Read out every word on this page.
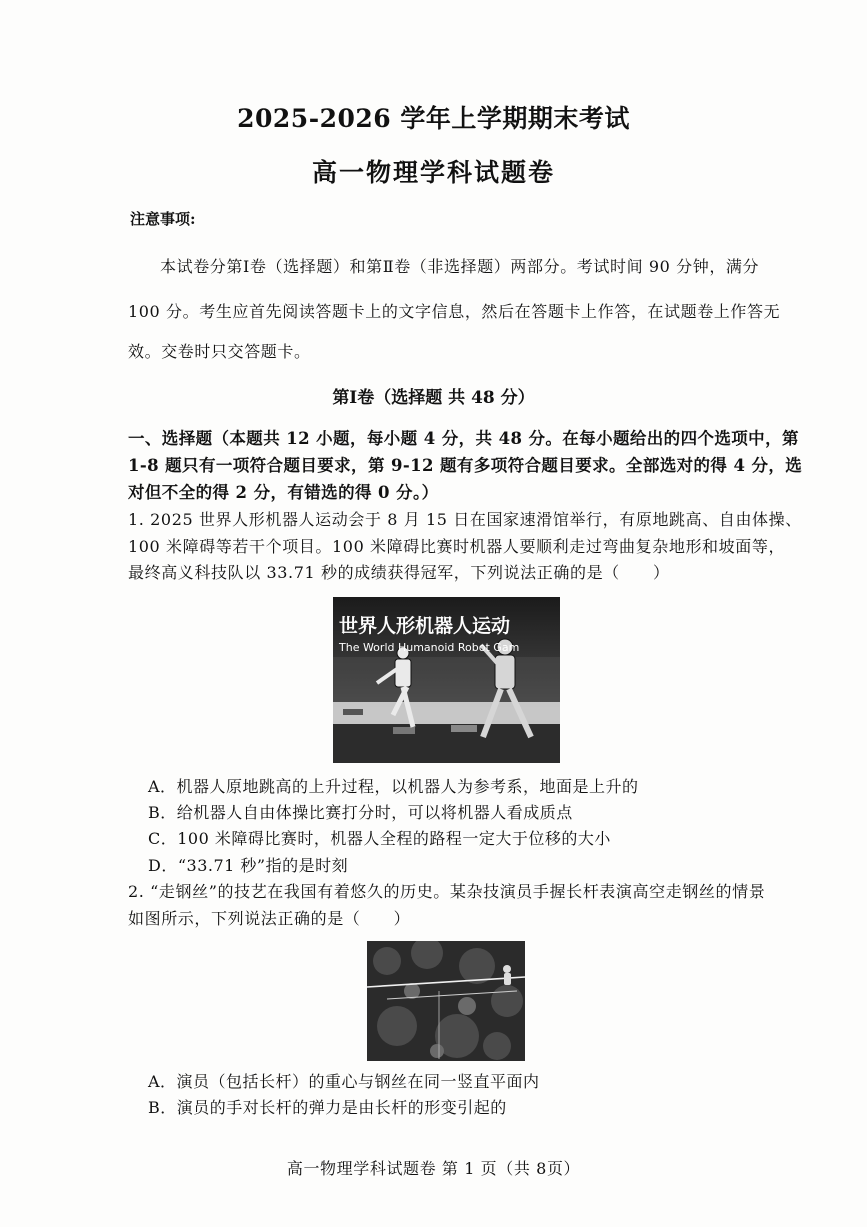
2025-2026 学年上学期期末考试
高一物理学科试题卷
注意事项:
本试卷分第Ⅰ卷（选择题）和第Ⅱ卷（非选择题）两部分。考试时间 90 分钟，满分
100 分。考生应首先阅读答题卡上的文字信息，然后在答题卡上作答，在试题卷上作答无
效。交卷时只交答题卡。
第Ⅰ卷（选择题 共 48 分）
一、选择题（本题共 12 小题，每小题 4 分，共 48 分。在每小题给出的四个选项中，第
1-8 题只有一项符合题目要求，第 9-12 题有多项符合题目要求。全部选对的得 4 分，选
对但不全的得 2 分，有错选的得 0 分。）
1. 2025 世界人形机器人运动会于 8 月 15 日在国家速滑馆举行，有原地跳高、自由体操、
100 米障碍等若干个项目。100 米障碍比赛时机器人要顺利走过弯曲复杂地形和坡面等，
最终高义科技队以 33.71 秒的成绩获得冠军，下列说法正确的是（　　）
世界人形机器人运动
The World Humanoid Robot Gam
A．机器人原地跳高的上升过程，以机器人为参考系，地面是上升的
B．给机器人自由体操比赛打分时，可以将机器人看成质点
C．100 米障碍比赛时，机器人全程的路程一定大于位移的大小
D．“33.71 秒”指的是时刻
2. “走钢丝”的技艺在我国有着悠久的历史。某杂技演员手握长杆表演高空走钢丝的情景
如图所示，下列说法正确的是（　　）
A．演员（包括长杆）的重心与钢丝在同一竖直平面内
B．演员的手对长杆的弹力是由长杆的形变引起的
高一物理学科试题卷 第 1 页（共 8页）
